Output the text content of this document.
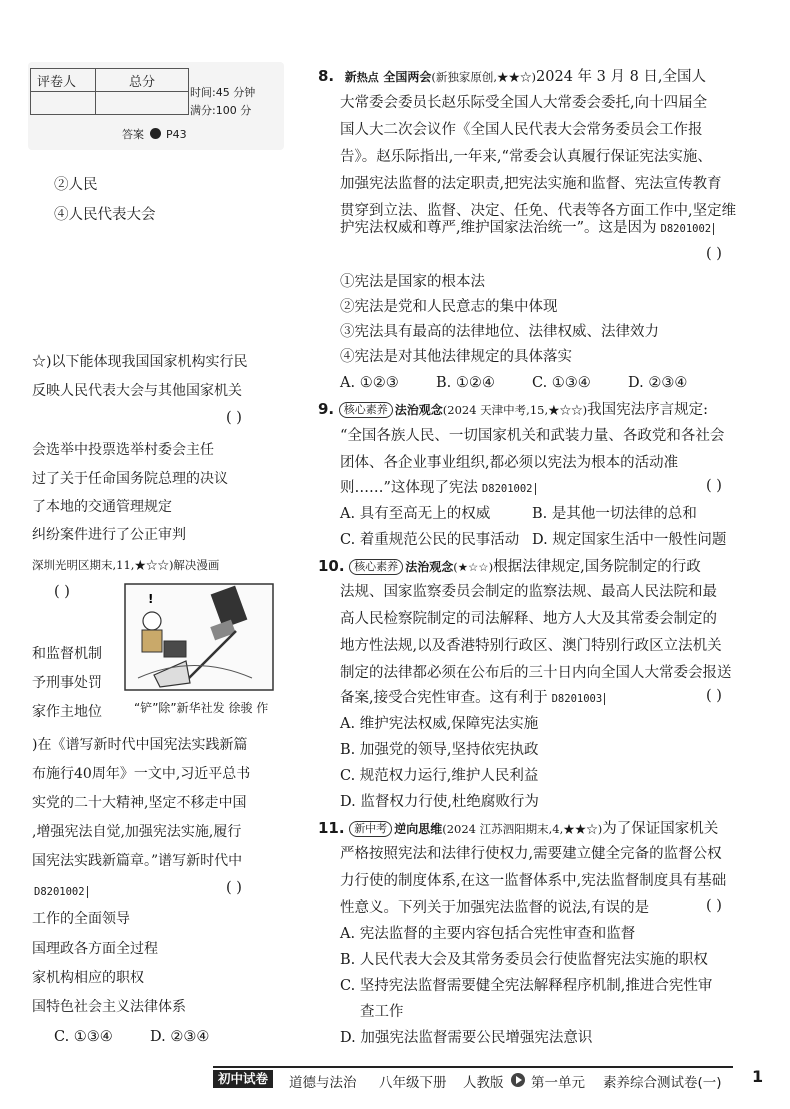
评卷人	总分

时间:45 分钟
满分:100 分
答案 P43
②人民
④人民代表大会
☆)以下能体现我国国家机构实行民
反映人民代表大会与其他国家机关
( )
会选举中投票选举村委会主任
过了关于任命国务院总理的决议
了本地的交通管理规定
纠纷案件进行了公正审判
深圳光明区期末,11,★☆☆)解决漫画
( )	!
和监督机制
予刑事处罚
家作主地位	“铲”除”新华社发 徐骏 作
)在《谱写新时代中国宪法实践新篇
布施行40周年》一文中,习近平总书
实党的二十大精神,坚定不移走中国
,增强宪法自觉,加强宪法实施,履行
国宪法实践新篇章。”谱写新时代中
D8201002	( )
工作的全面领导
国理政各方面全过程
家机构相应的职权
国特色社会主义法律体系
C. ①③④	D. ②③④
8. 新热点 全国两会(新独家原创,★★☆)2024 年 3 月 8 日,全国人
大常委会委员长赵乐际受全国人大常委会委托,向十四届全
国人大二次会议作《全国人民代表大会常务委员会工作报
告》。赵乐际指出,一年来,“常委会认真履行保证宪法实施、
加强宪法监督的法定职责,把宪法实施和监督、宪法宣传教育
贯穿到立法、监督、决定、任免、代表等各方面工作中,坚定维
护宪法权威和尊严,维护国家法治统一”。这是因为 D8201002
( )
①宪法是国家的根本法
②宪法是党和人民意志的集中体现
③宪法具有最高的法律地位、法律权威、法律效力
④宪法是对其他法律规定的具体落实
A. ①②③	B. ①②④	C. ①③④	D. ②③④
9. 核心素养 法治观念(2024 天津中考,15,★☆☆)我国宪法序言规定:
“全国各族人民、一切国家机关和武装力量、各政党和各社会
团体、各企业事业组织,都必须以宪法为根本的活动准
则……”这体现了宪法 D8201002	( )
A. 具有至高无上的权威	B. 是其他一切法律的总和
C. 着重规范公民的民事活动 D. 规定国家生活中一般性问题
10. 核心素养 法治观念(★☆☆)根据法律规定,国务院制定的行政
法规、国家监察委员会制定的监察法规、最高人民法院和最
高人民检察院制定的司法解释、地方人大及其常委会制定的
地方性法规,以及香港特别行政区、澳门特别行政区立法机关
制定的法律都必须在公布后的三十日内向全国人大常委会报送
备案,接受合宪性审查。这有利于 D8201003	( )
A. 维护宪法权威,保障宪法实施
B. 加强党的领导,坚持依宪执政
C. 规范权力运行,维护人民利益
D. 监督权力行使,杜绝腐败行为
11. 新中考 逆向思维(2024 江苏泗阳期末,4,★★☆)为了保证国家机关
严格按照宪法和法律行使权力,需要建立健全完备的监督公权
力行使的制度体系,在这一监督体系中,宪法监督制度具有基础
性意义。下列关于加强宪法监督的说法,有误的是	( )
A. 宪法监督的主要内容包括合宪性审查和监督
B. 人民代表大会及其常务委员会行使监督宪法实施的职权
C. 坚持宪法监督需要健全宪法解释程序机制,推进合宪性审
查工作
D. 加强宪法监督需要公民增强宪法意识
初中试卷	道德与法治 八年级下册 人教版 第一单元 素养综合测试卷(一) 1
